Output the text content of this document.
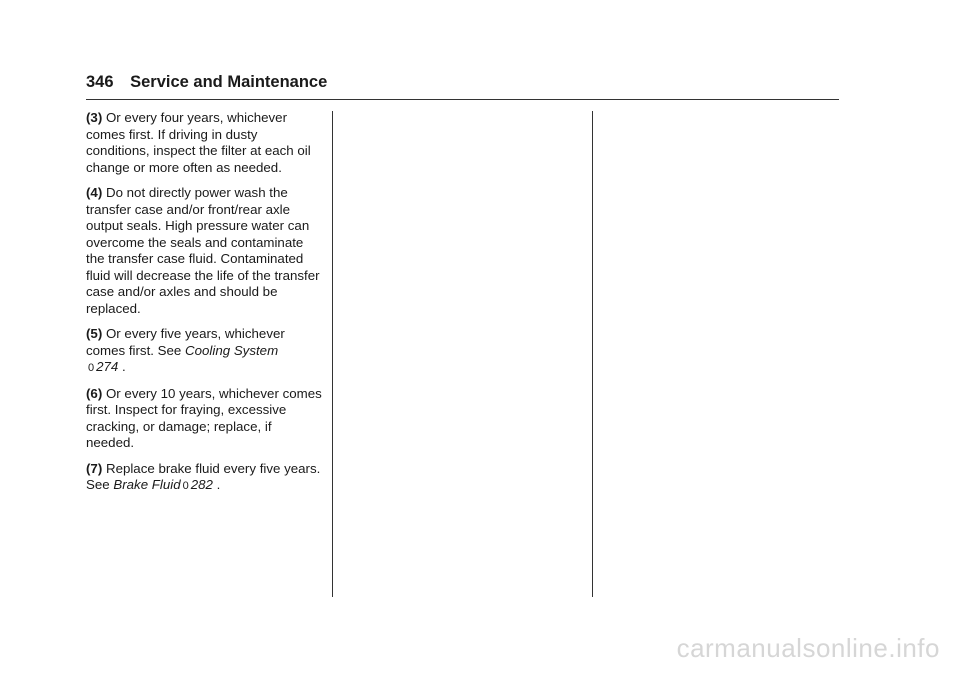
346 Service and Maintenance

(3) Or every four years, whichever comes first. If driving in dusty conditions, inspect the filter at each oil change or more often as needed.

(4) Do not directly power wash the transfer case and/or front/rear axle output seals. High pressure water can overcome the seals and contaminate the transfer case fluid. Contaminated fluid will decrease the life of the transfer case and/or axles and should be replaced.

(5) Or every five years, whichever comes first. See Cooling System
0 274 .

(6) Or every 10 years, whichever comes first. Inspect for fraying, excessive cracking, or damage; replace, if needed.

(7) Replace brake fluid every five years. See Brake Fluid 0 282 .

carmanualsonline.info
